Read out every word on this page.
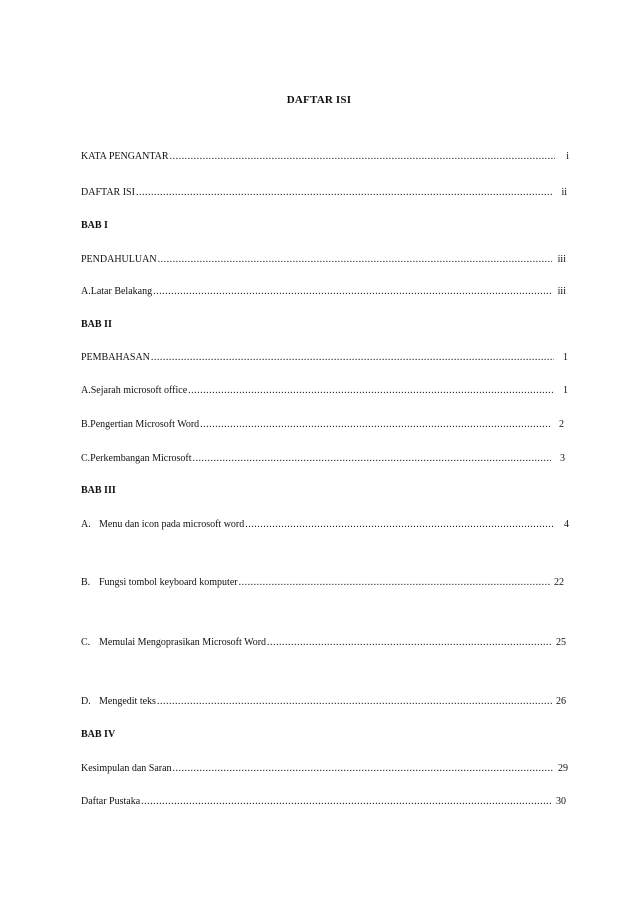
DAFTAR ISI
KATA PENGANTAR .....	i
DAFTAR ISI .....	ii
BAB I
PENDAHULUAN .....	iii
A.Latar Belakang .....	iii
BAB II
PEMBAHASAN .....	1
A.Sejarah microsoft office .....	1
B.Pengertian Microsoft Word .....	2
C.Perkembangan Microsoft .....	3
BAB III
A. Menu dan icon pada microsoft word .....	4
B. Fungsi tombol keyboard komputer .....	22
C. Memulai Mengoprasikan Microsoft Word .....	25
D. Mengedit teks .....	26
BAB IV
Kesimpulan dan Saran .....	29
Daftar Pustaka .....	30
